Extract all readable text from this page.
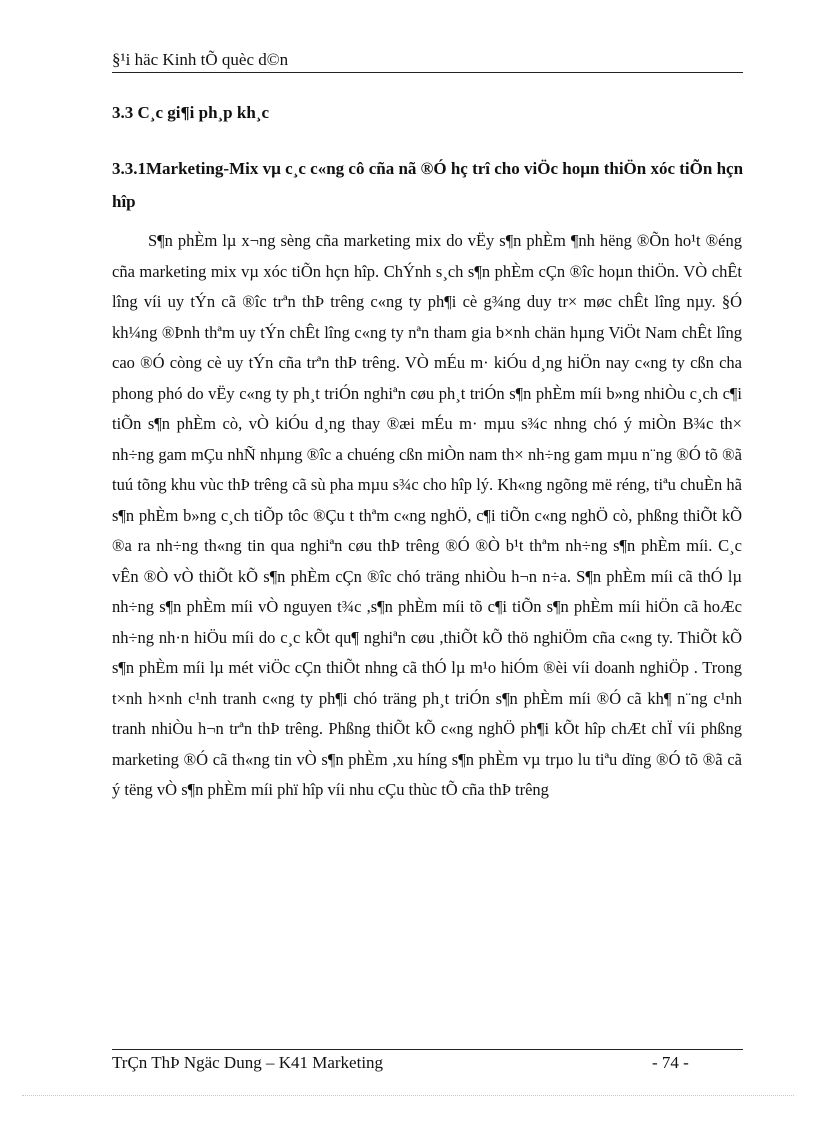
§¹i häc Kinh tÕ quèc d©n
3.3 C¸c gi¶i ph¸p kh¸c
3.3.1Marketing-Mix vµ c¸c c«ng cô cña nã ®Ó hç trî cho viÖc hoµn thiÖn xóc tiÕn hçn hîp

S¶n phÈm lµ x¬ng sèng cña marketing mix do vËy s¶n phÈm ¶nh hëng ®Õn ho¹t ®éng cña marketing mix vµ xóc tiÕn hçn hîp. ChÝnh s¸ch s¶n phÈm cÇn ®îc hoµn thiÖn. VÒ chÊt lîng víi uy tÝn cã ®îc trªn thÞ trêng c«ng ty ph¶i cè g¾ng duy tr× møc chÊt lîng nµy. §Ó kh¼ng ®Þnh thªm uy tÝn chÊt lîng c«ng ty nªn tham gia b×nh chän hµng ViÖt Nam chÊt lîng cao ®Ó còng cè uy tÝn cña trªn thÞ trêng. VÒ mÉu m· kiÓu d¸ng hiÖn nay c«ng ty cßn cha phong phó do vËy c«ng ty ph¸t triÓn nghiªn cøu ph¸t triÓn s¶n phÈm míi b»ng nhiÒu c¸ch c¶i tiÕn s¶n phÈm cò, vÒ kiÓu d¸ng thay ®æi mÉu m· mµu s¾c nhng chó ý miÒn B¾c th× nh÷ng gam mÇu nhÑ nhµng ®îc a chuéng cßn miÒn nam th× nh÷ng gam mµu n¨ng ®Ó tõ ®ã tuú tõng khu vùc thÞ trêng cã sù pha mµu s¾c cho hîp lý. Kh«ng ngõng më réng, tiªu chuÈn hã s¶n phÈm b»ng c¸ch tiÕp tôc ®Çu t thªm c«ng nghÖ, c¶i tiÕn c«ng nghÖ cò, phßng thiÕt kÕ ®a ra nh÷ng th«ng tin qua nghiªn cøu thÞ trêng ®Ó ®Ò b¹t thªm nh÷ng s¶n phÈm míi. C¸c vÊn ®Ò vÒ thiÕt kÕ s¶n phÈm cÇn ®îc chó träng nhiÒu h¬n n÷a. S¶n phÈm míi cã thÓ lµ nh÷ng s¶n phÈm míi vÒ nguyen t¾c ,s¶n phÈm míi tõ c¶i tiÕn s¶n phÈm míi hiÖn cã hoÆc nh÷ng nh·n hiÖu míi do c¸c kÕt qu¶ nghiªn cøu ,thiÕt kÕ thö nghiÖm cña c«ng ty. ThiÕt kÕ s¶n phÈm míi lµ mét viÖc cÇn thiÕt nhng cã thÓ lµ m¹o hiÓm ®èi víi doanh nghiÖp . Trong t×nh h×nh c¹nh tranh c«ng ty ph¶i chó träng ph¸t triÓn s¶n phÈm míi ®Ó cã kh¶ n¨ng c¹nh tranh nhiÒu h¬n trªn thÞ trêng. Phßng thiÕt kÕ c«ng nghÖ ph¶i kÕt hîp chÆt chÏ víi phßng marketing ®Ó cã th«ng tin vÒ s¶n phÈm ,xu híng s¶n phÈm vµ trµo lu tiªu dïng ®Ó tõ ®ã cã ý tëng vÒ s¶n phÈm míi phï hîp víi nhu cÇu thùc tÕ cña thÞ trêng

TrÇn ThÞ Ngäc Dung – K41 Marketing	- 74 -
